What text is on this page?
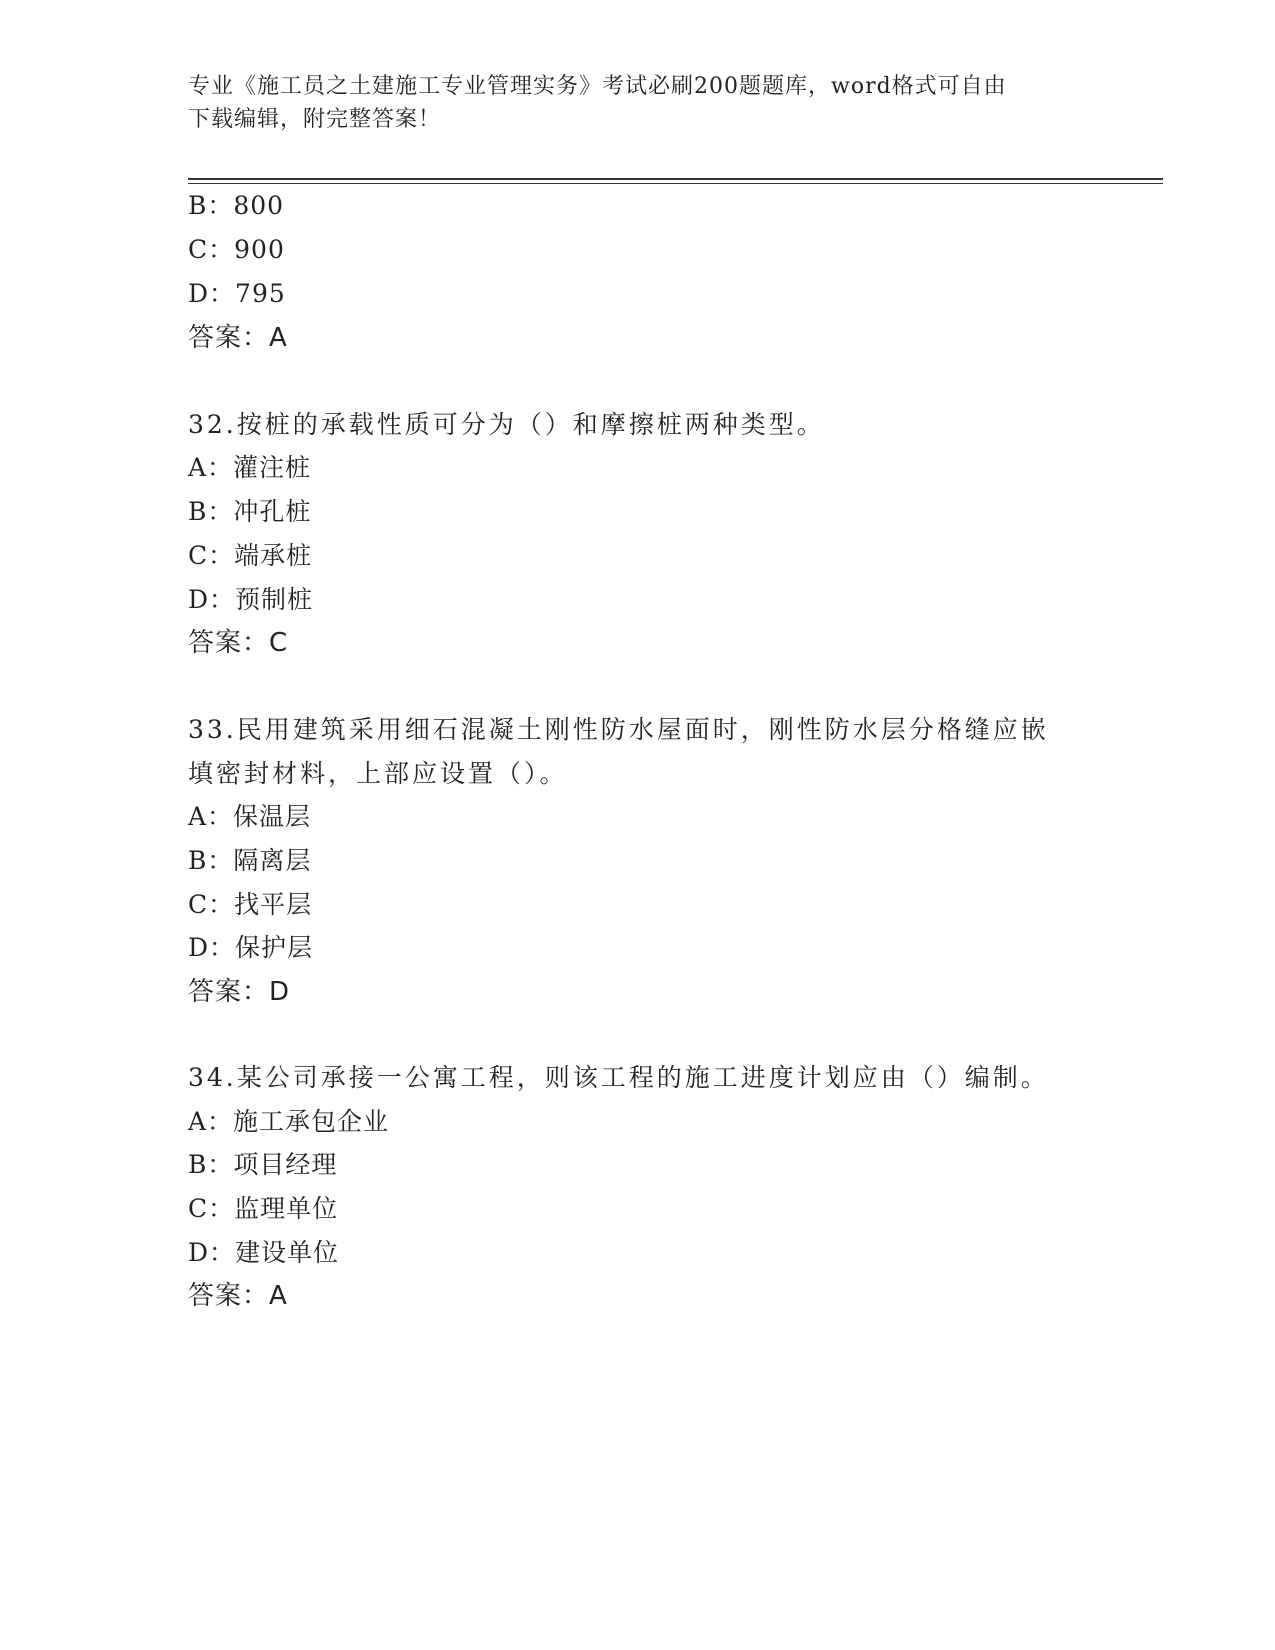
专业《施工员之土建施工专业管理实务》考试必刷200题题库，word格式可自由
下载编辑，附完整答案！
B：800
C：900
D：795
答案：A
32.按桩的承载性质可分为（）和摩擦桩两种类型。
A：灌注桩
B：冲孔桩
C：端承桩
D：预制桩
答案：C
33.民用建筑采用细石混凝土刚性防水屋面时，刚性防水层分格缝应嵌
填密封材料，上部应设置（）。
A：保温层
B：隔离层
C：找平层
D：保护层
答案：D
34.某公司承接一公寓工程，则该工程的施工进度计划应由（）编制。
A：施工承包企业
B：项目经理
C：监理单位
D：建设单位
答案：A
